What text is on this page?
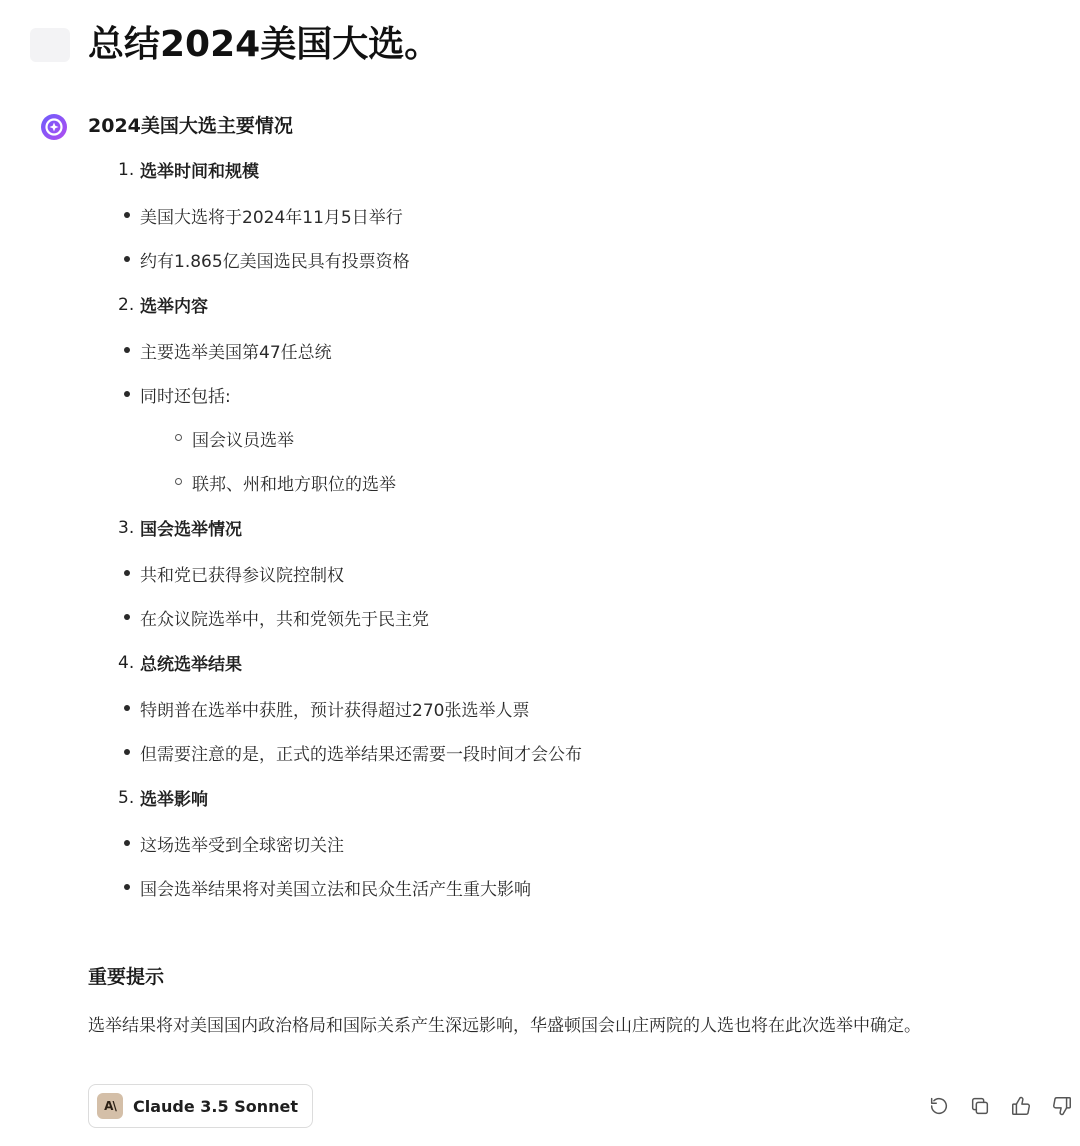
总结2024美国大选。
2024美国大选主要情况
1. 选举时间和规模
美国大选将于2024年11月5日举行
约有1.865亿美国选民具有投票资格
2. 选举内容
主要选举美国第47任总统
同时还包括:
国会议员选举
联邦、州和地方职位的选举
3. 国会选举情况
共和党已获得参议院控制权
在众议院选举中，共和党领先于民主党
4. 总统选举结果
特朗普在选举中获胜，预计获得超过270张选举人票
但需要注意的是，正式的选举结果还需要一段时间才会公布
5. 选举影响
这场选举受到全球密切关注
国会选举结果将对美国立法和民众生活产生重大影响
重要提示
选举结果将对美国国内政治格局和国际关系产生深远影响，华盛顿国会山庄两院的人选也将在此次选举中确定。
A\	Claude 3.5 Sonnet
